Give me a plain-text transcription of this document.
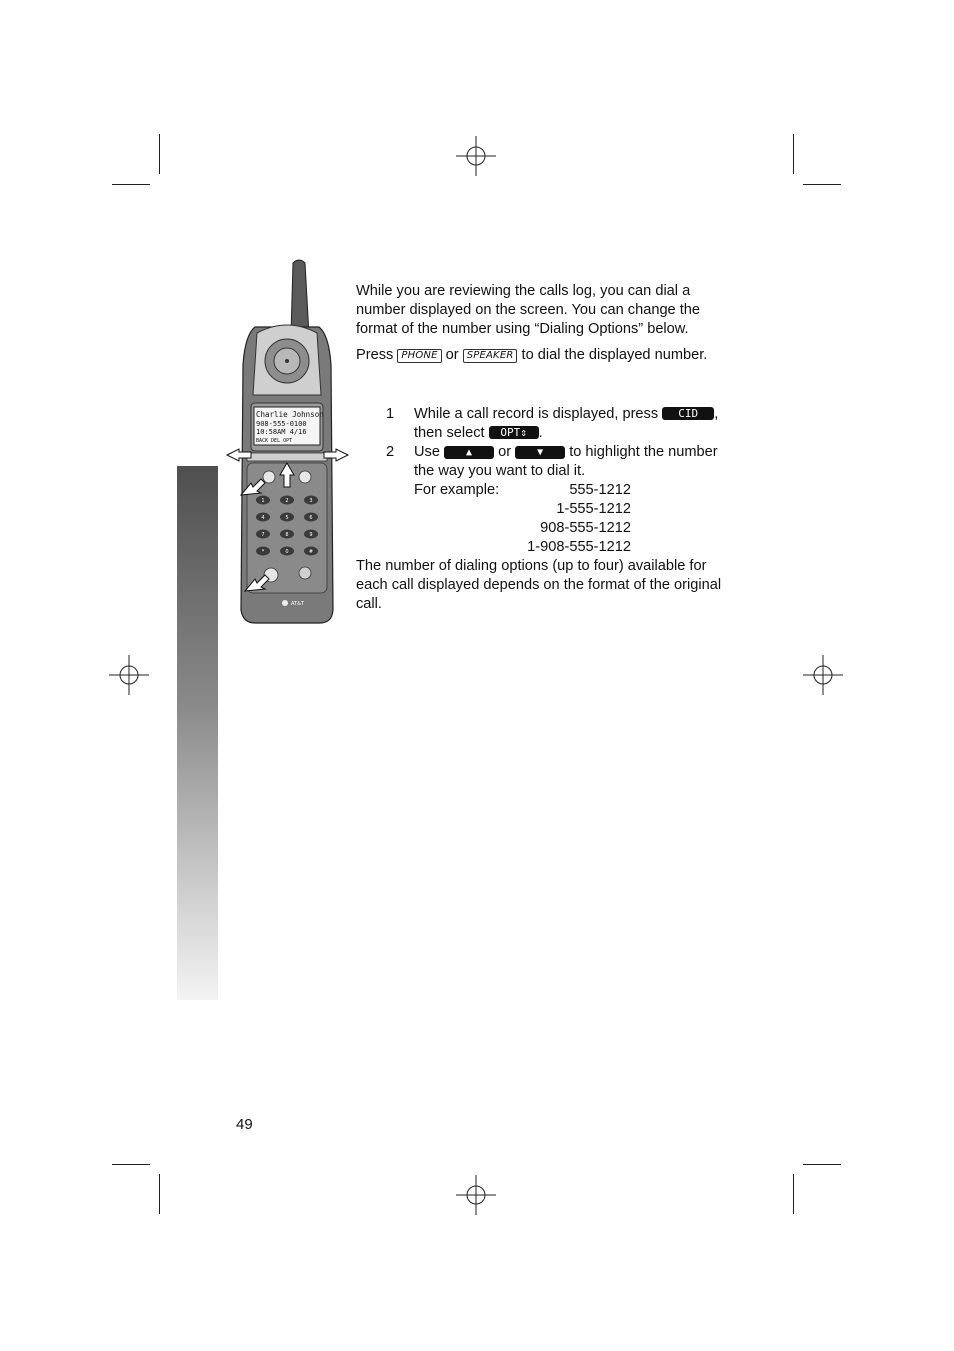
Charlie Johnson
908-555-0100
10:58AM 4/16
BACK DEL OPT
1	2	3
4	5	6
7	8	9
*	0	#
AT&T

While you are reviewing the calls log, you can dial a number displayed on the screen. You can change the format of the number using “Dialing Options” below.

Press PHONE or SPEAKER to dial the displayed number.

1	While a call record is displayed, press CID ,
then select OPT⇕ .
2	Use	▲ or	▼ to highlight the number the way you want to dial it.
For example:	555-1212
1-555-1212
908-555-1212
1-908-555-1212

The number of dialing options (up to four) available for each call displayed depends on the format of the original call.

49
